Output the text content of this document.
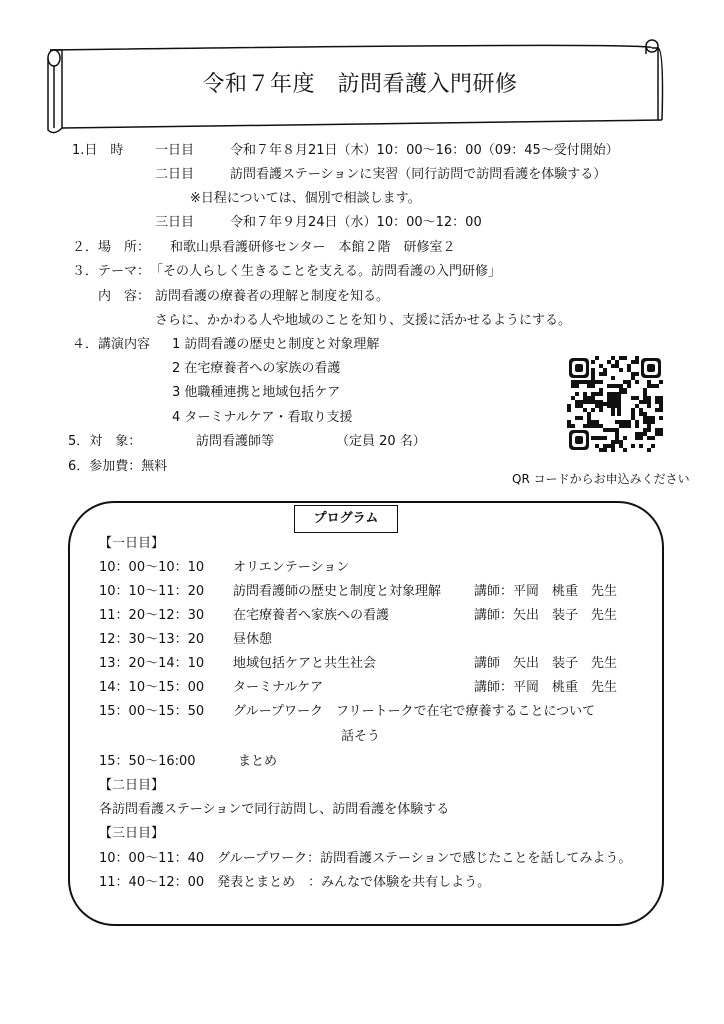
令和７年度　訪問看護入門研修
1.日　時 一日目	令和７年８月21日（木）10：00～16：00（09：45～受付開始）
二日目	訪問看護ステーションに実習（同行訪問で訪問看護を体験する）
※日程については、個別で相談します。
三日目	令和７年９月24日（水）10：00～12：00
２．場　所： 和歌山県看護研修センター　本館２階　研修室２
３．テーマ： 「その人らしく生きることを支える。訪問看護の入門研修」
内　容： 訪問看護の療養者の理解と制度を知る。
さらに、かかわる人や地域のことを知り、支援に活かせるようにする。
４．講演内容 1 訪問看護の歴史と制度と対象理解
2 在宅療養者への家族の看護
3 他職種連携と地域包括ケア
4 ターミナルケア・看取り支援
5．対　象：	訪問看護師等	（定員 20 名）
6．参加費：無料
QR コードからお申込みください
プログラム
【一日目】
10：00～10：10 オリエンテーション
10：10～11：20 訪問看護師の歴史と制度と対象理解	講師：平岡　桃重　先生
11：20～12：30 在宅療養者へ家族への看護	講師：矢出　装子　先生
12：30～13：20 昼休憩
13：20～14：10 地域包括ケアと共生社会	講師　矢出　装子　先生
14：10～15：00 ターミナルケア	講師：平岡　桃重　先生
15：00～15：50 グループワーク　フリートークで在宅で療養することについて
話そう
15：50～16:00	まとめ
【二日目】
各訪問看護ステーションで同行訪問し、訪問看護を体験する
【三日目】
10：00～11：40　グループワーク：訪問看護ステーションで感じたことを話してみよう。
11：40～12：00　発表とまとめ　：みんなで体験を共有しよう。
